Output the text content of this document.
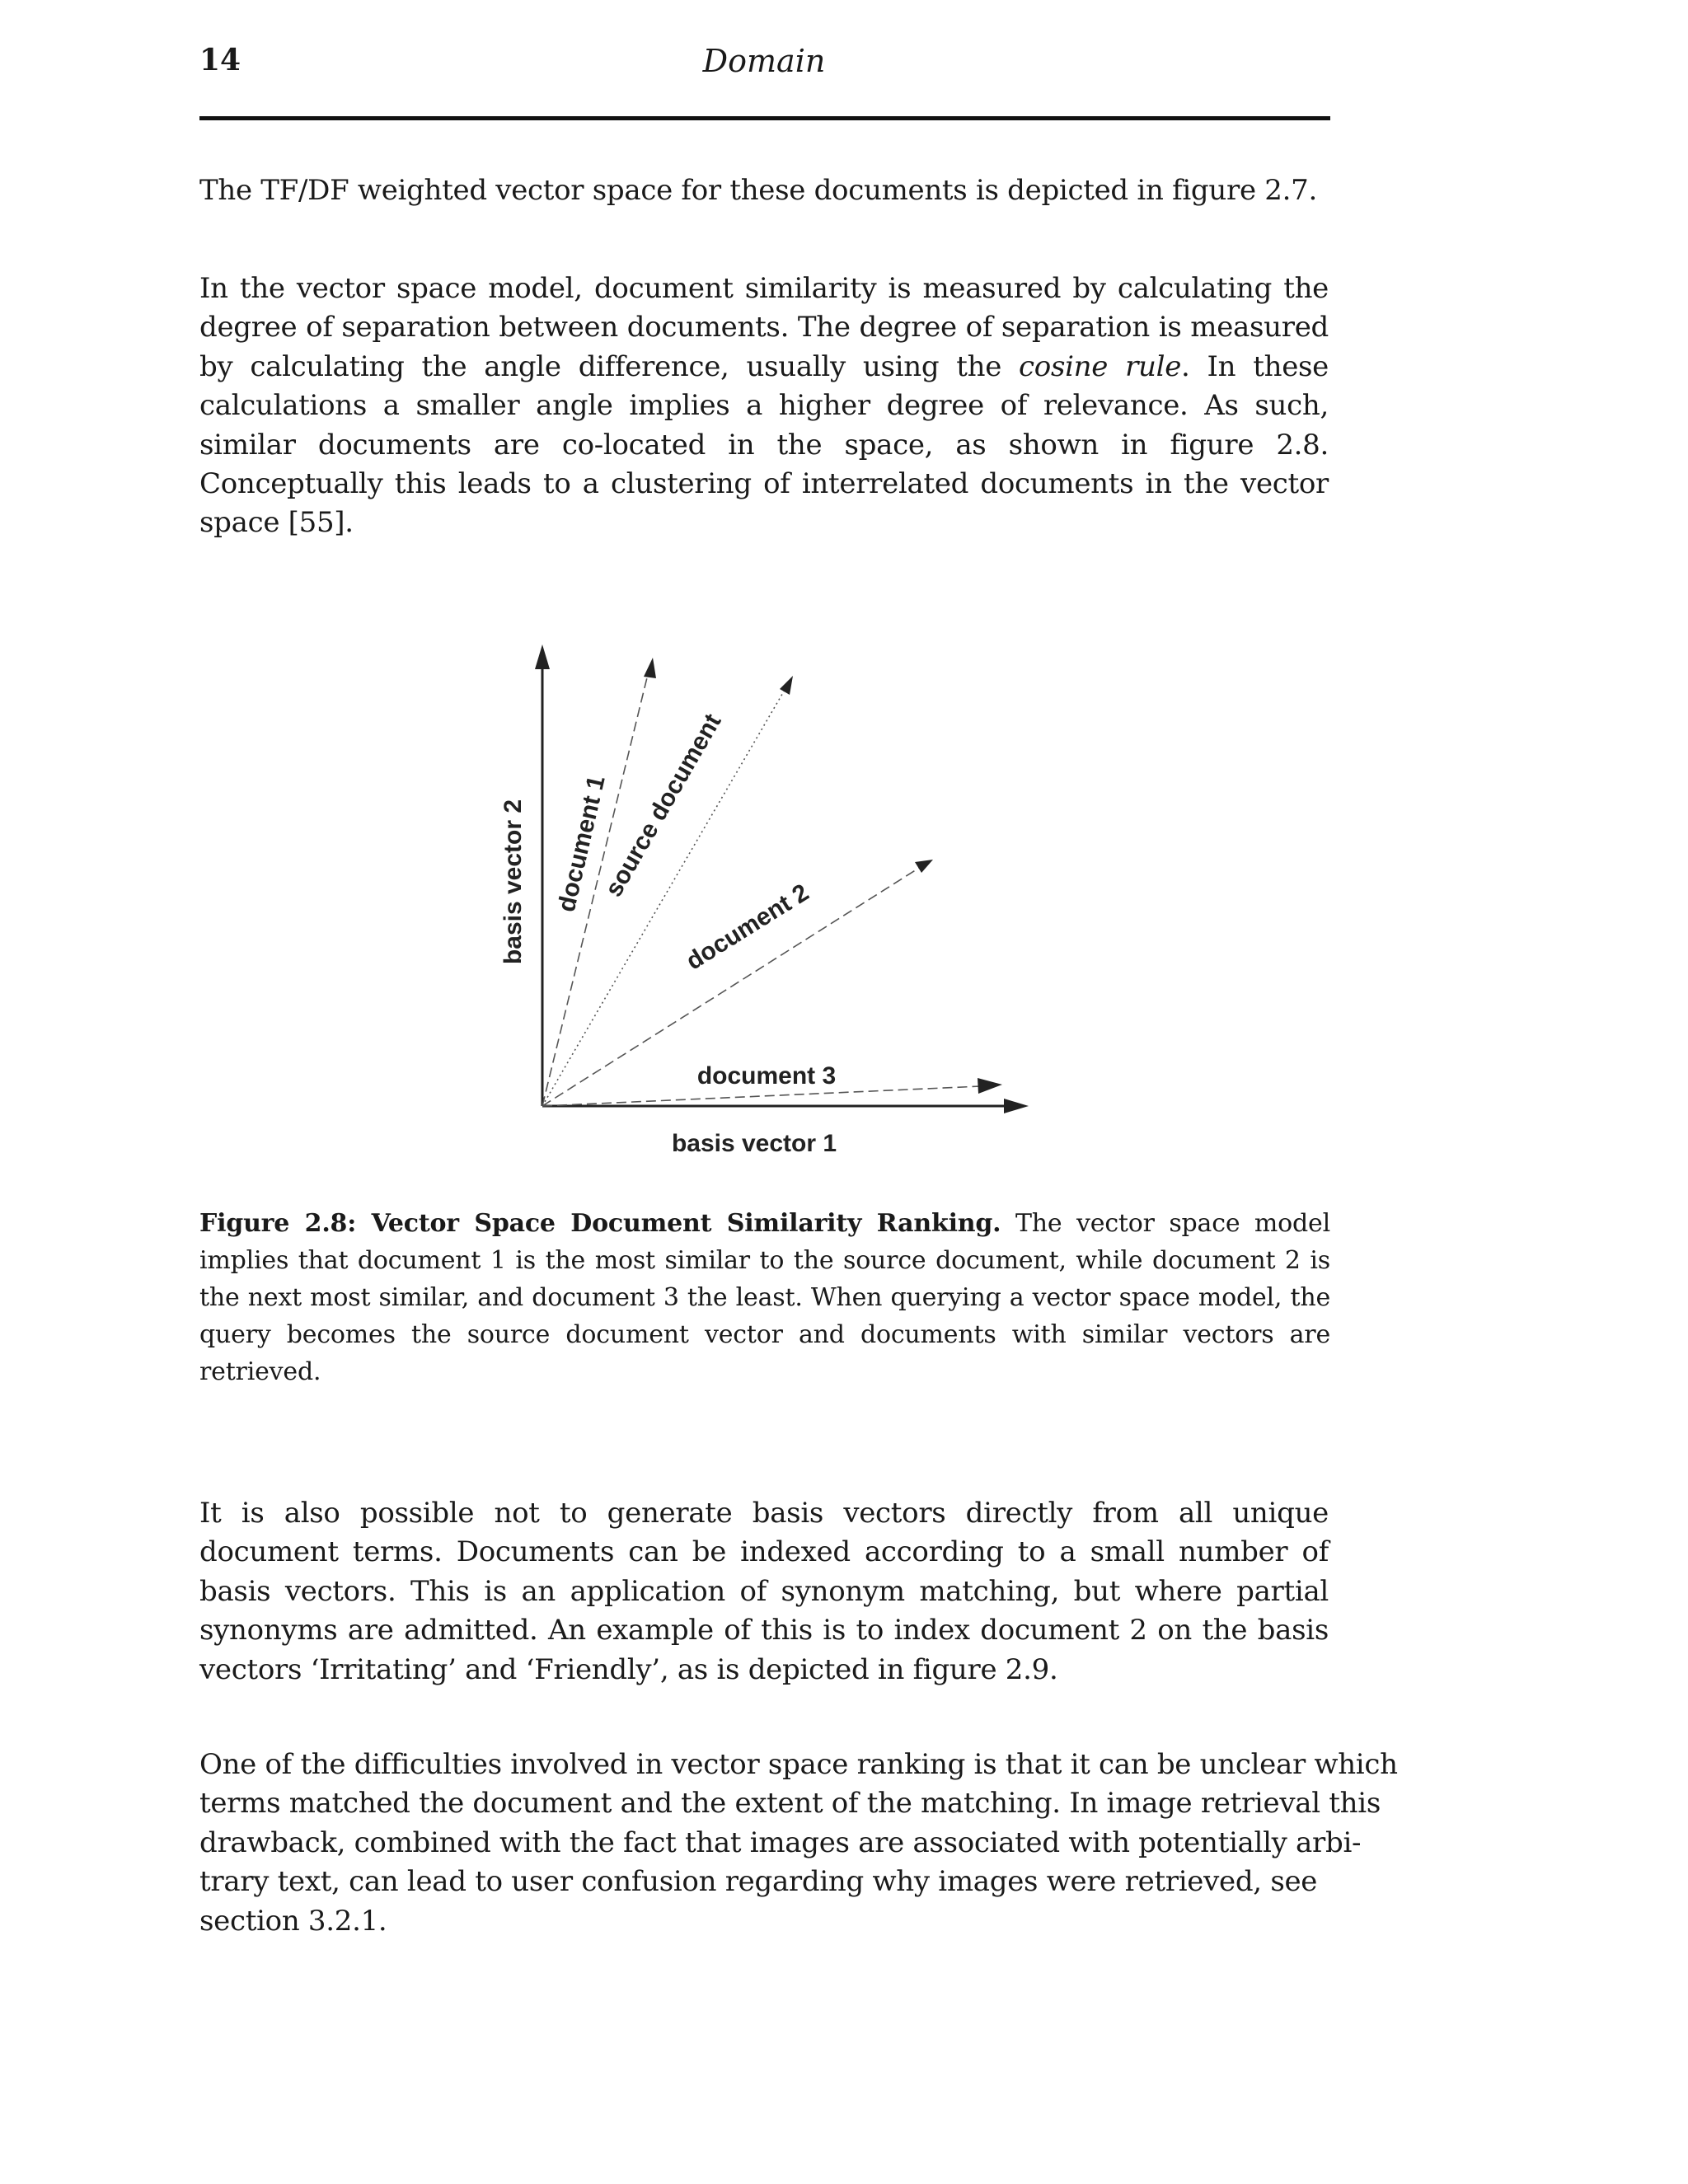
14	Domain

The TF/DF weighted vector space for these documents is depicted in figure 2.7.

In the vector space model, document similarity is measured by calculating the degree of separation between documents. The degree of separation is measured by calculating the angle difference, usually using the cosine rule. In these calculations a smaller angle implies a higher degree of relevance. As such, similar documents are co-located in the space, as shown in figure 2.8. Conceptually this leads to a clustering of interrelated documents in the vector space [55].

basis vector 2
basis vector 1
document 1
source document
document 2
document 3

Figure 2.8: Vector Space Document Similarity Ranking. The vector space model implies that document 1 is the most similar to the source document, while document 2 is the next most similar, and document 3 the least. When querying a vector space model, the query becomes the source document vector and documents with similar vectors are retrieved.

It is also possible not to generate basis vectors directly from all unique document terms. Documents can be indexed according to a small number of basis vectors. This is an application of synonym matching, but where partial synonyms are admitted. An example of this is to index document 2 on the basis vectors ‘Irritating’ and ‘Friendly’, as is depicted in figure 2.9.

One of the difficulties involved in vector space ranking is that it can be unclear which terms matched the document and the extent of the matching. In image retrieval this drawback, combined with the fact that images are associated with potentially arbitrary text, can lead to user confusion regarding why images were retrieved, see section 3.2.1.
